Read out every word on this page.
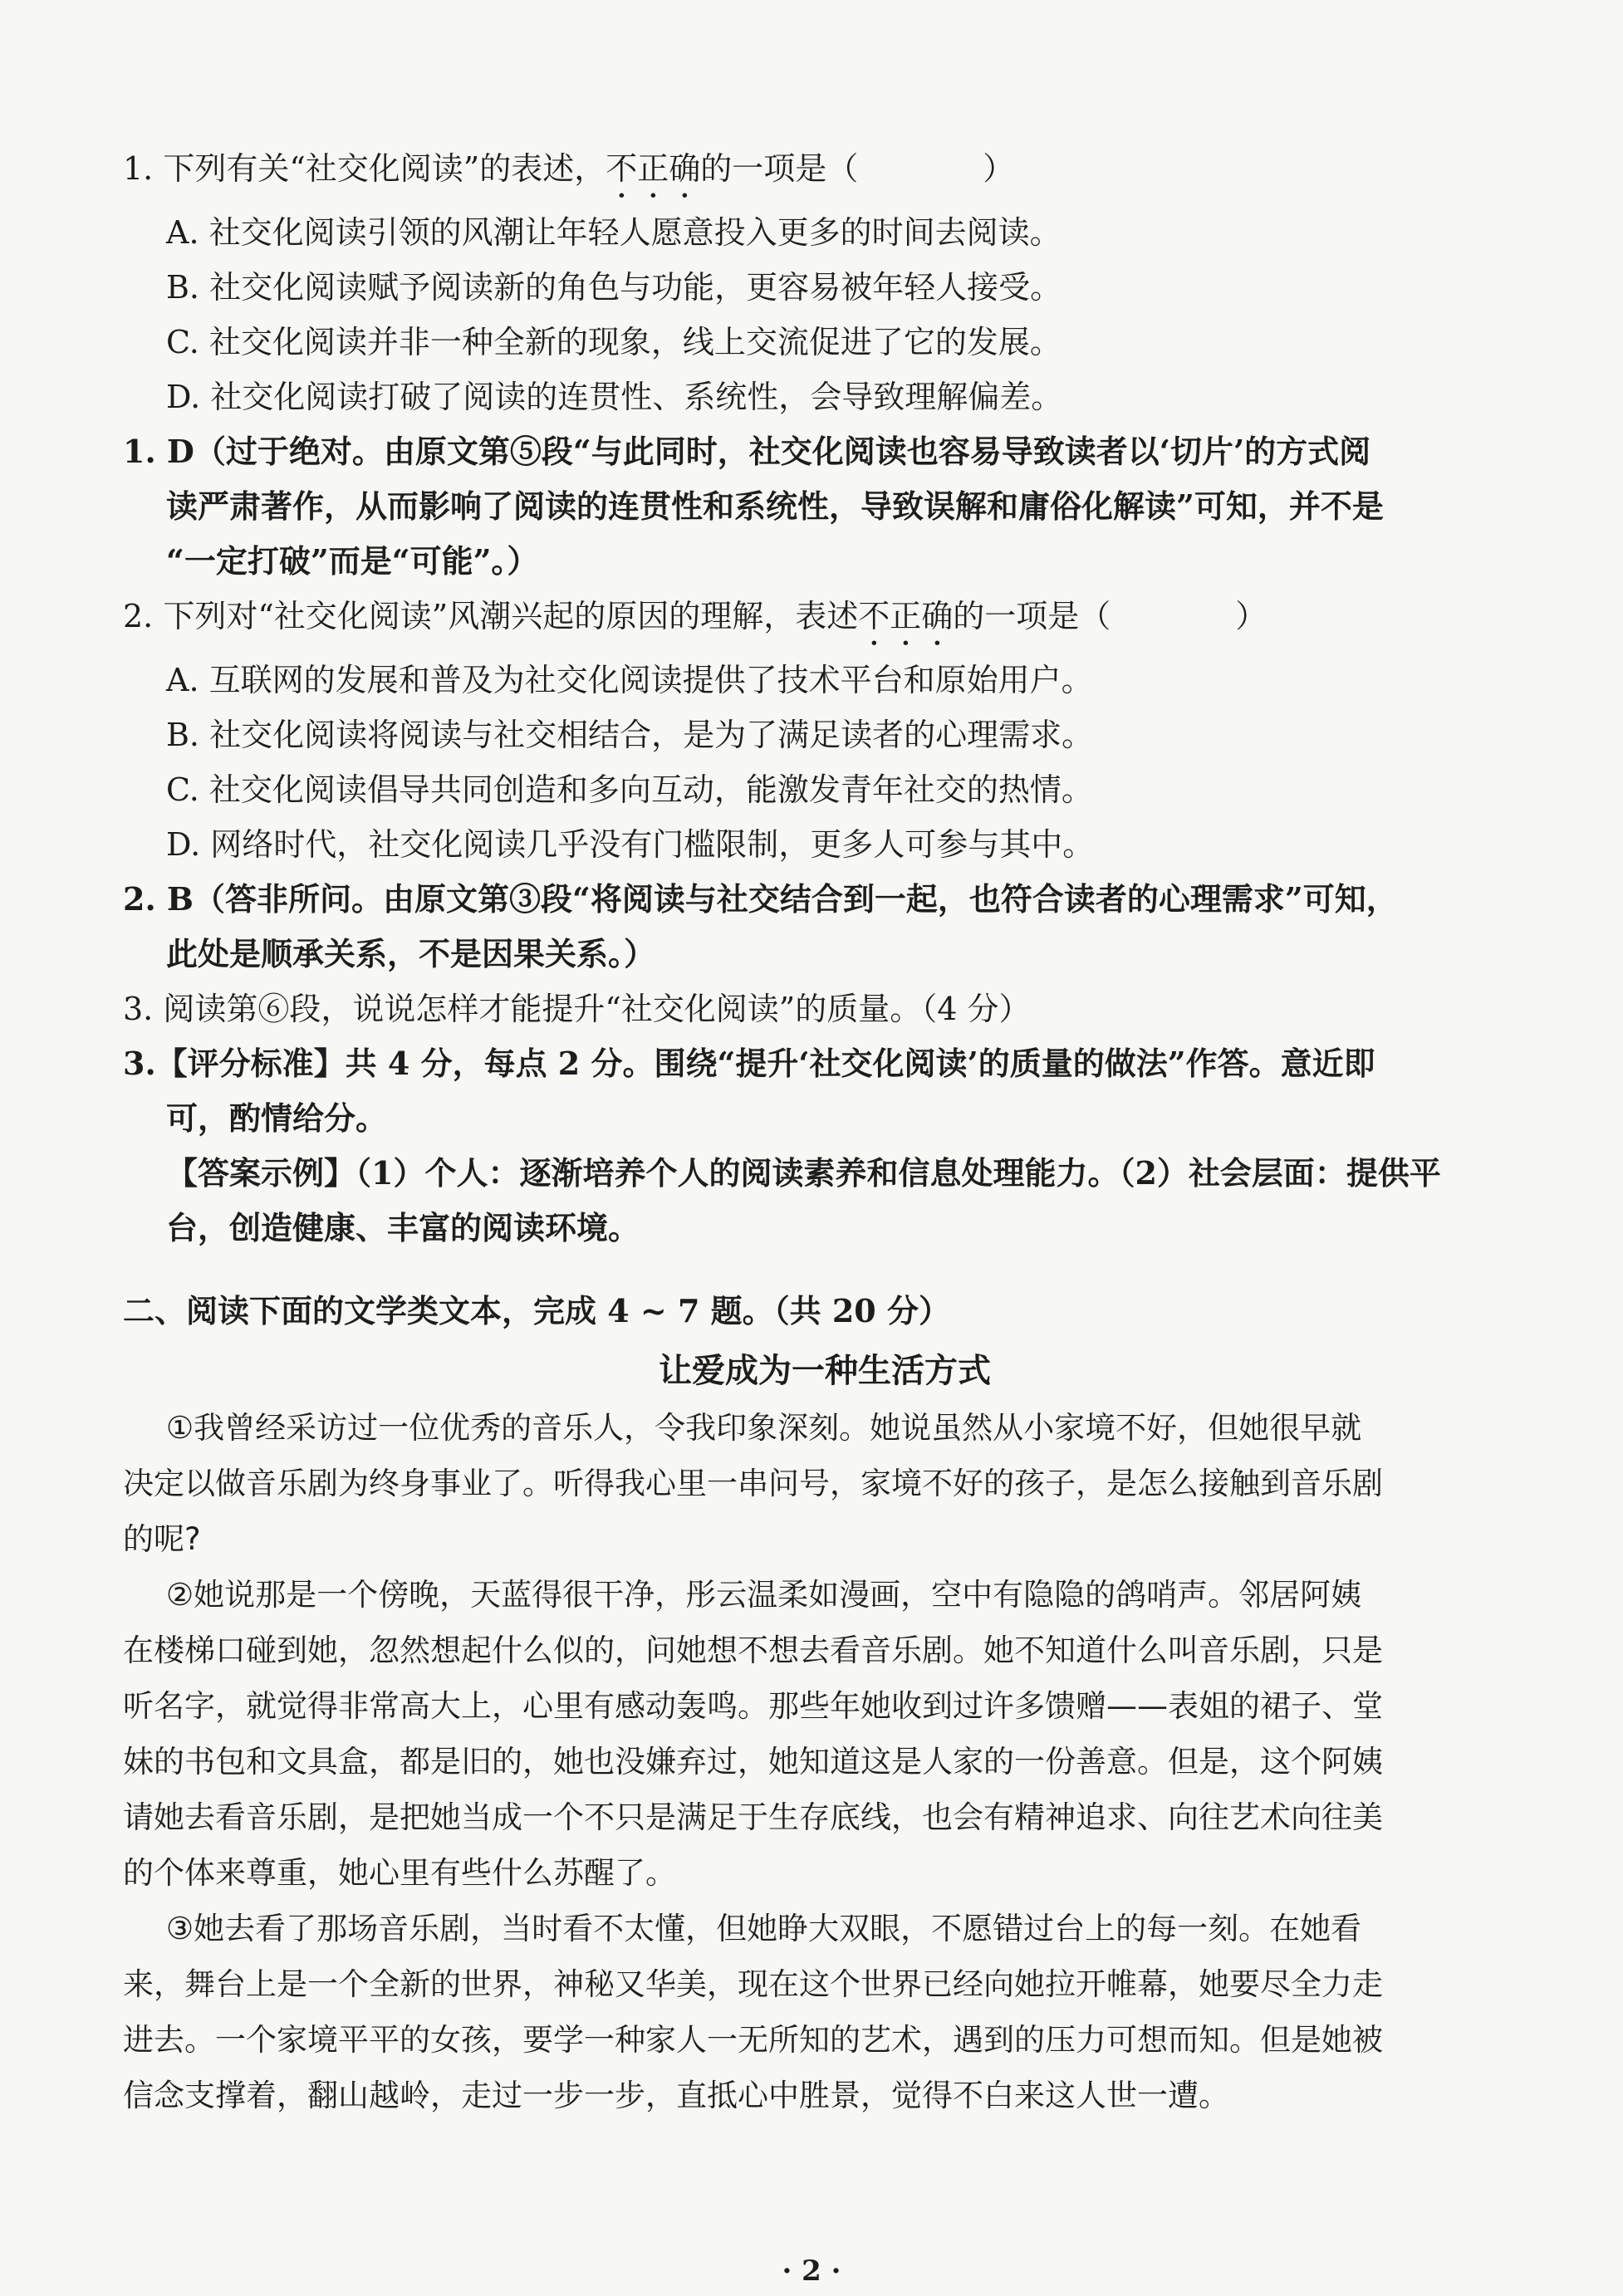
1. 下列有关“社交化阅读”的表述，不正确的一项是（	）
A. 社交化阅读引领的风潮让年轻人愿意投入更多的时间去阅读。
B. 社交化阅读赋予阅读新的角色与功能，更容易被年轻人接受。
C. 社交化阅读并非一种全新的现象，线上交流促进了它的发展。
D. 社交化阅读打破了阅读的连贯性、系统性，会导致理解偏差。
1. D（过于绝对。由原文第⑤段“与此同时，社交化阅读也容易导致读者以‘切片’的方式阅
读严肃著作，从而影响了阅读的连贯性和系统性，导致误解和庸俗化解读”可知，并不是
“一定打破”而是“可能”。）
2. 下列对“社交化阅读”风潮兴起的原因的理解，表述不正确的一项是（	）
A. 互联网的发展和普及为社交化阅读提供了技术平台和原始用户。
B. 社交化阅读将阅读与社交相结合，是为了满足读者的心理需求。
C. 社交化阅读倡导共同创造和多向互动，能激发青年社交的热情。
D. 网络时代，社交化阅读几乎没有门槛限制，更多人可参与其中。
2. B（答非所问。由原文第③段“将阅读与社交结合到一起，也符合读者的心理需求”可知，
此处是顺承关系，不是因果关系。）
3. 阅读第⑥段，说说怎样才能提升“社交化阅读”的质量。（4 分）
3.【评分标准】共 4 分，每点 2 分。围绕“提升‘社交化阅读’的质量的做法”作答。意近即
可，酌情给分。
【答案示例】（1）个人：逐渐培养个人的阅读素养和信息处理能力。（2）社会层面：提供平
台，创造健康、丰富的阅读环境。
二、阅读下面的文学类文本，完成 4 ~ 7 题。（共 20 分）
让爱成为一种生活方式
①我曾经采访过一位优秀的音乐人，令我印象深刻。她说虽然从小家境不好，但她很早就
决定以做音乐剧为终身事业了。听得我心里一串问号，家境不好的孩子，是怎么接触到音乐剧
的呢?
②她说那是一个傍晚，天蓝得很干净，彤云温柔如漫画，空中有隐隐的鸽哨声。邻居阿姨
在楼梯口碰到她，忽然想起什么似的，问她想不想去看音乐剧。她不知道什么叫音乐剧，只是
听名字，就觉得非常高大上，心里有感动轰鸣。那些年她收到过许多馈赠——表姐的裙子、堂
妹的书包和文具盒，都是旧的，她也没嫌弃过，她知道这是人家的一份善意。但是，这个阿姨
请她去看音乐剧，是把她当成一个不只是满足于生存底线，也会有精神追求、向往艺术向往美
的个体来尊重，她心里有些什么苏醒了。
③她去看了那场音乐剧，当时看不太懂，但她睁大双眼，不愿错过台上的每一刻。在她看
来，舞台上是一个全新的世界，神秘又华美，现在这个世界已经向她拉开帷幕，她要尽全力走
进去。一个家境平平的女孩，要学一种家人一无所知的艺术，遇到的压力可想而知。但是她被
信念支撑着，翻山越岭，走过一步一步，直抵心中胜景，觉得不白来这人世一遭。
· 2 ·
